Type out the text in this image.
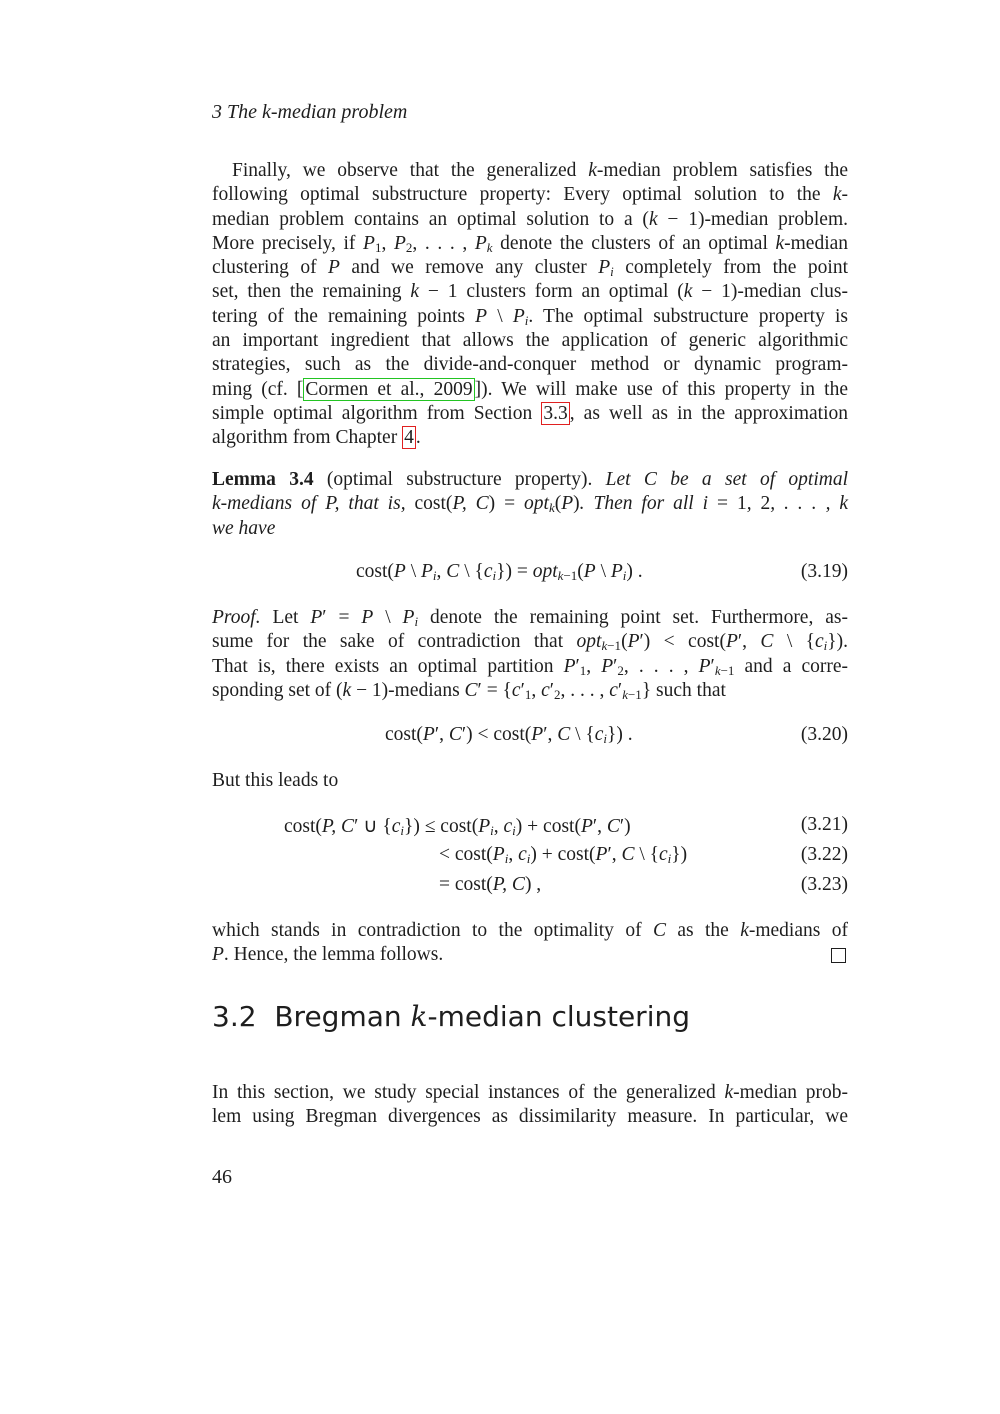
3 The k-median problem
Finally, we observe that the generalized k-median problem satisfies the
following optimal substructure property: Every optimal solution to the k-
median problem contains an optimal solution to a (k − 1)-median problem.
More precisely, if $P_1$, $P_2$, . . . , $P_k$ denote the clusters of an optimal k-median
clustering of P and we remove any cluster $P_i$ completely from the point
set, then the remaining k − 1 clusters form an optimal (k − 1)-median clus-
tering of the remaining points P \ $P_i$. The optimal substructure property is
an important ingredient that allows the application of generic algorithmic
strategies, such as the divide-and-conquer method or dynamic program-
ming (cf. [ Cormen et al., 2009 ]). We will make use of this property in the
simple optimal algorithm from Section 3.3 , as well as in the approximation
algorithm from Chapter 4 .
Lemma 3.4 (optimal substructure property). Let C be a set of optimal
k-medians of P, that is, cost(P, C) = opt$_k$(P). Then for all i = 1, 2, . . . , k
we have
cost(P \ $P_i$, C \ $\{c_i\}) = opt_{k-1}(P$ \ $P_i$) .	(3.19)
Proof. Let P′ = P \ $P_i$ denote the remaining point set. Furthermore, as-
sume for the sake of contradiction that opt$_{k-1}$(P′) < cost(P′, C \ $\{c_i\}$).
That is, there exists an optimal partition $P'_1$, $P'_2$, . . . , $P'_{k-1}$ and a corre-
sponding set of (k − 1)-medians $C' = \{c'_1$, $c'_2$, . . . , $c'_{k-1}$} such that
cost(P′, C′) < cost(P′, C \ $\{c_i\}$) .	(3.20)
But this leads to
cost(P, C′ ∪ $\{c_i\}) \le \cos t(P_i$, $c_i) + \cos t(P'$, C′)	(3.21)
< $\cos t(P_i$, $c_i) + \cos t(P'$, C \ $\{c_i\}$)	(3.22)
= cost(P, C) ,	(3.23)
which stands in contradiction to the optimality of C as the k-medians of
P. Hence, the lemma follows.
3.2  Bregman k-median clustering
In this section, we study special instances of the generalized k-median prob-
lem using Bregman divergences as dissimilarity measure. In particular, we
46
